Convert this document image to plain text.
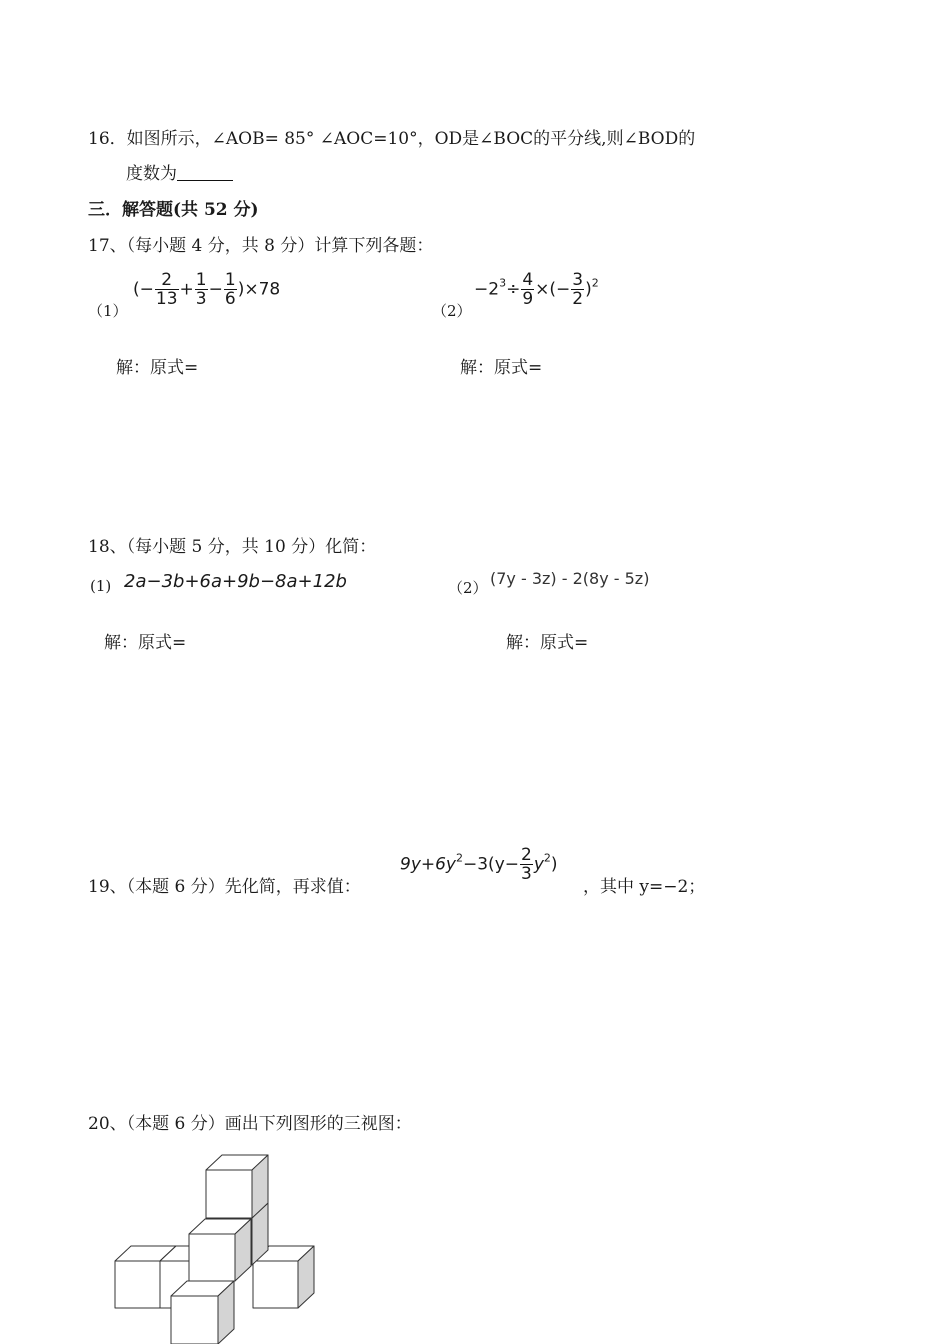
16．如图所示，∠AOB= 85° ∠AOC=10°，OD是∠BOC的平分线,则∠BOD的
度数为
三．解答题(共 52 分)
17、（每小题 4 分，共 8 分）计算下列各题：
（1）
(− $\frac{2}{13} + \frac{1}{3} - \frac{1}{6} )\times 78$
（2）
$-2^3\div \frac{4}{9}$ ×(− $\frac{3}{2} )^2$
解：原式=	解：原式=
18、（每小题 5 分，共 10 分）化简：
(1) 2a−3b+6a+9b−8a+12b	（2） (7y - 3z) - 2(8y - 5z)
解：原式=	解：原式=
19、（本题 6 分）先化简，再求值：
$9y+6y^2-3(y- \frac{2}{3} y^2)$
，其中 y=−2；
20、（本题 6 分）画出下列图形的三视图：
